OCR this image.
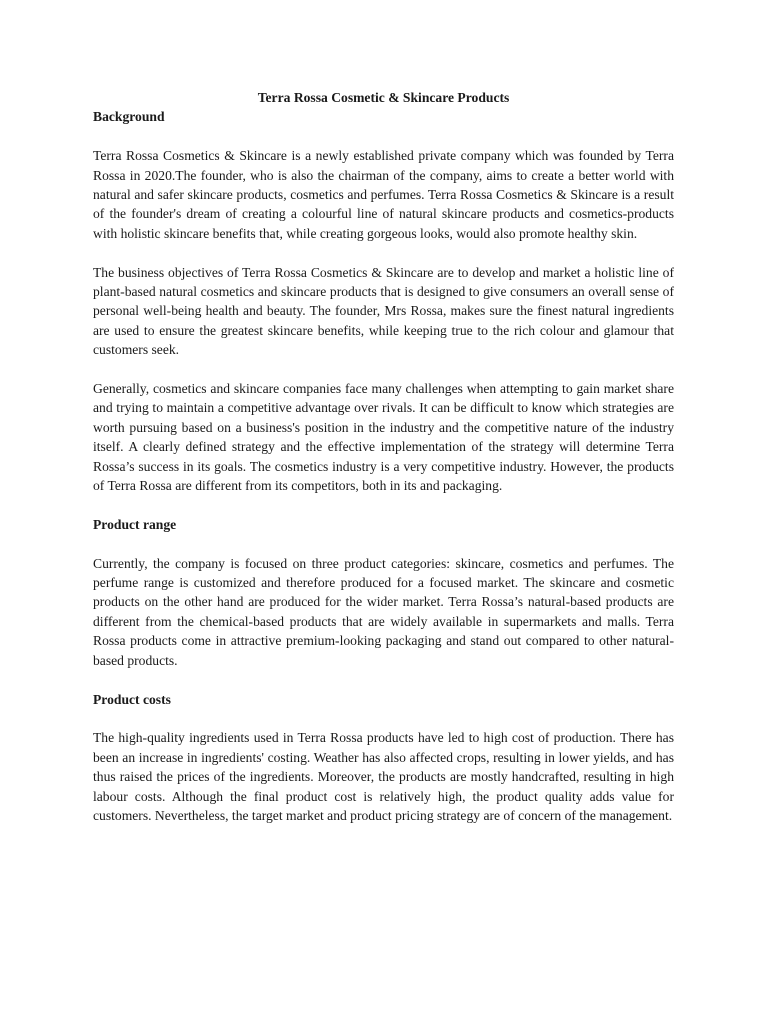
Terra Rossa Cosmetic & Skincare Products

Background

Terra Rossa Cosmetics & Skincare is a newly established private company which was founded by Terra Rossa in 2020.The founder, who is also the chairman of the company, aims to create a better world with natural and safer skincare products, cosmetics and perfumes. Terra Rossa Cosmetics & Skincare is a result of the founder's dream of creating a colourful line of natural skincare products and cosmetics-products with holistic skincare benefits that, while creating gorgeous looks, would also promote healthy skin.

The business objectives of Terra Rossa Cosmetics & Skincare are to develop and market a holistic line of plant-based natural cosmetics and skincare products that is designed to give consumers an overall sense of personal well-being health and beauty. The founder, Mrs Rossa, makes sure the finest natural ingredients are used to ensure the greatest skincare benefits, while keeping true to the rich colour and glamour that customers seek.

Generally, cosmetics and skincare companies face many challenges when attempting to gain market share and trying to maintain a competitive advantage over rivals. It can be difficult to know which strategies are worth pursuing based on a business's position in the industry and the competitive nature of the industry itself. A clearly defined strategy and the effective implementation of the strategy will determine Terra Rossa’s success in its goals. The cosmetics industry is a very competitive industry. However, the products of Terra Rossa are different from its competitors, both in its and packaging.

Product range

Currently, the company is focused on three product categories: skincare, cosmetics and perfumes. The perfume range is customized and therefore produced for a focused market. The skincare and cosmetic products on the other hand are produced for the wider market. Terra Rossa’s natural-based products are different from the chemical-based products that are widely available in supermarkets and malls. Terra Rossa products come in attractive premium-looking packaging and stand out compared to other natural-based products.

Product costs

The high-quality ingredients used in Terra Rossa products have led to high cost of production. There has been an increase in ingredients' costing. Weather has also affected crops, resulting in lower yields, and has thus raised the prices of the ingredients. Moreover, the products are mostly handcrafted, resulting in high labour costs. Although the final product cost is relatively high, the product quality adds value for customers. Nevertheless, the target market and product pricing strategy are of concern of the management.
